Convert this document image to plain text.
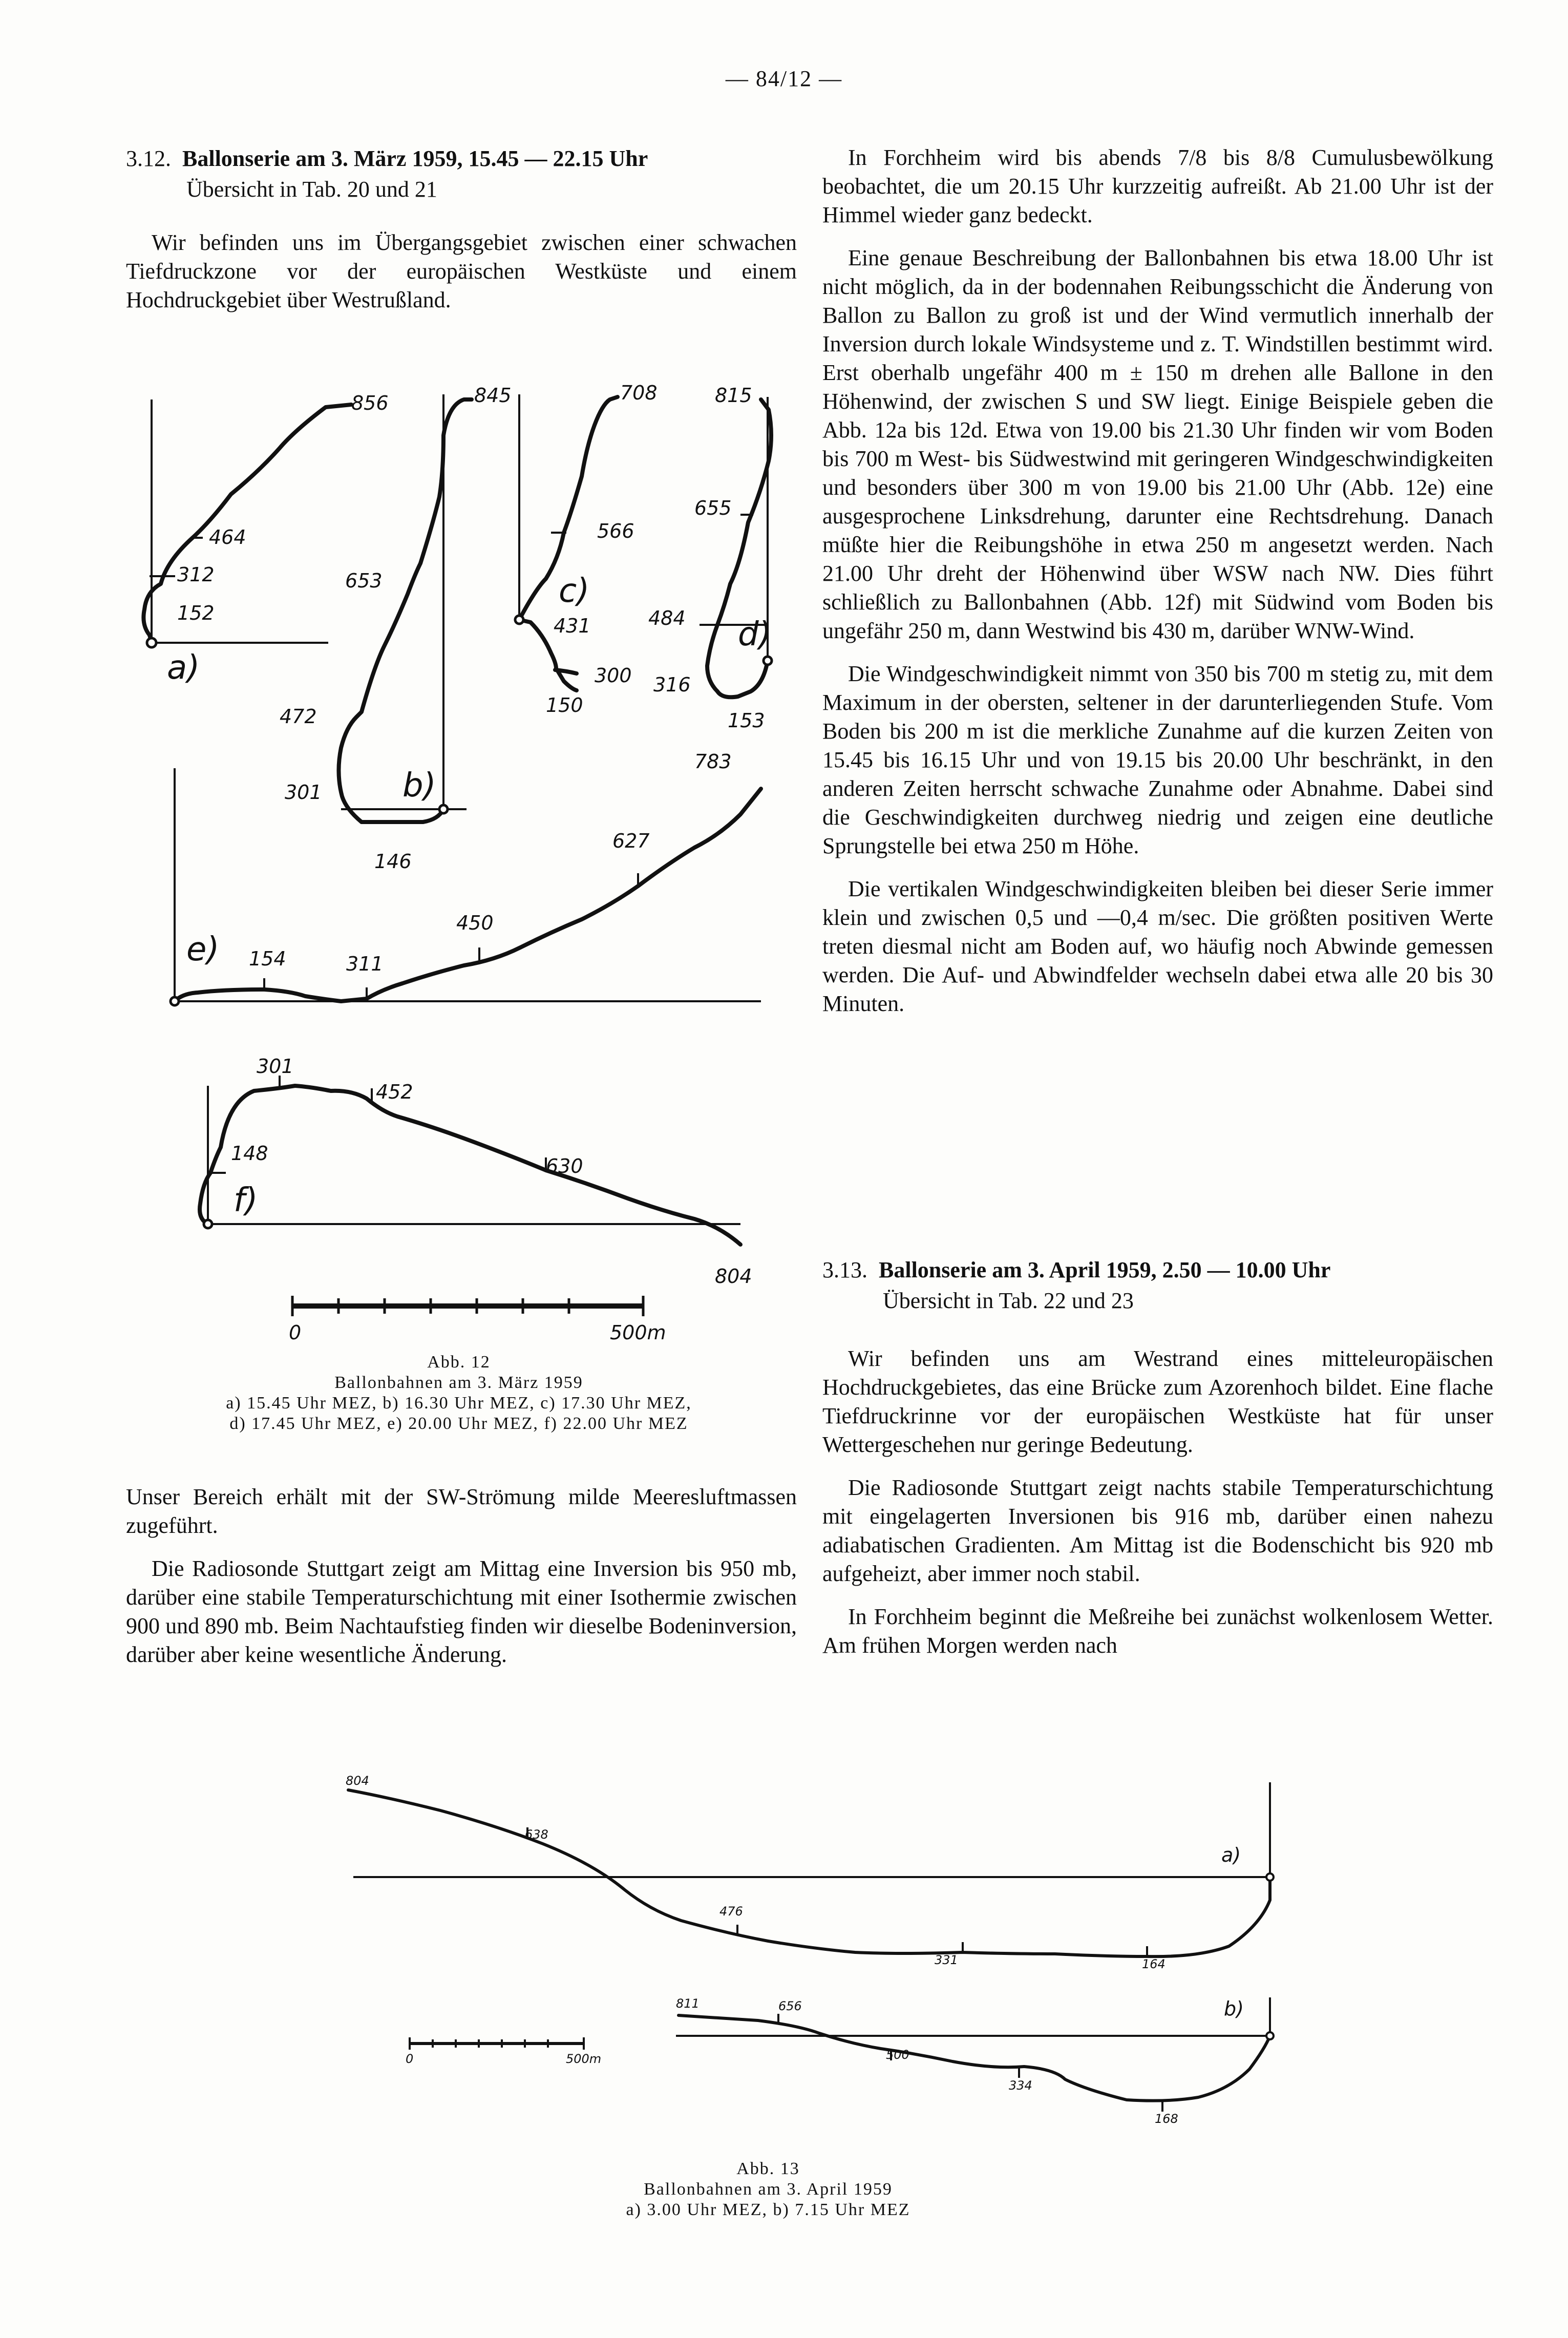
— 84/12 —
3.12. Ballonserie am 3. März 1959, 15.45 — 22.15 Uhr
Übersicht in Tab. 20 und 21

Wir befinden uns im Übergangsgebiet zwischen einer schwachen Tiefdruckzone vor der europäischen Westküste und einem Hochdruckgebiet über Westrußland.

856
464
312
152
a)
845
653
472
301
146
b)
708
566
431
300
150
c)
815
655
484
316
153
d)
783
627
450
311
154
e)
301
452
148
630
804
f)
0	500m
Abb. 12
Ballonbahnen am 3. März 1959
a) 15.45 Uhr MEZ, b) 16.30 Uhr MEZ, c) 17.30 Uhr MEZ,
d) 17.45 Uhr MEZ, e) 20.00 Uhr MEZ, f) 22.00 Uhr MEZ

Unser Bereich erhält mit der SW-Strömung milde Meeresluftmassen zugeführt.

Die Radiosonde Stuttgart zeigt am Mittag eine Inversion bis 950 mb, darüber eine stabile Temperaturschichtung mit einer Isothermie zwischen 900 und 890 mb. Beim Nachtaufstieg finden wir dieselbe Bodeninversion, darüber aber keine wesentliche Änderung.

In Forchheim wird bis abends 7/8 bis 8/8 Cumulusbewölkung beobachtet, die um 20.15 Uhr kurzzeitig aufreißt. Ab 21.00 Uhr ist der Himmel wieder ganz bedeckt.

Eine genaue Beschreibung der Ballonbahnen bis etwa 18.00 Uhr ist nicht möglich, da in der bodennahen Reibungsschicht die Änderung von Ballon zu Ballon zu groß ist und der Wind vermutlich innerhalb der Inversion durch lokale Windsysteme und z. T. Windstillen bestimmt wird. Erst oberhalb ungefähr 400 m ± 150 m drehen alle Ballone in den Höhenwind, der zwischen S und SW liegt. Einige Beispiele geben die Abb. 12a bis 12d. Etwa von 19.00 bis 21.30 Uhr finden wir vom Boden bis 700 m West- bis Südwestwind mit geringeren Windgeschwindigkeiten und besonders über 300 m von 19.00 bis 21.00 Uhr (Abb. 12e) eine ausgesprochene Linksdrehung, darunter eine Rechtsdrehung. Danach müßte hier die Reibungshöhe in etwa 250 m angesetzt werden. Nach 21.00 Uhr dreht der Höhenwind über WSW nach NW. Dies führt schließlich zu Ballonbahnen (Abb. 12f) mit Südwind vom Boden bis ungefähr 250 m, dann Westwind bis 430 m, darüber WNW-Wind.

Die Windgeschwindigkeit nimmt von 350 bis 700 m stetig zu, mit dem Maximum in der obersten, seltener in der darunterliegenden Stufe. Vom Boden bis 200 m ist die merkliche Zunahme auf die kurzen Zeiten von 15.45 bis 16.15 Uhr und von 19.15 bis 20.00 Uhr beschränkt, in den anderen Zeiten herrscht schwache Zunahme oder Abnahme. Dabei sind die Geschwindigkeiten durchweg niedrig und zeigen eine deutliche Sprungstelle bei etwa 250 m Höhe.

Die vertikalen Windgeschwindigkeiten bleiben bei dieser Serie immer klein und zwischen 0,5 und —0,4 m/sec. Die größten positiven Werte treten diesmal nicht am Boden auf, wo häufig noch Abwinde gemessen werden. Die Auf- und Abwindfelder wechseln dabei etwa alle 20 bis 30 Minuten.

3.13. Ballonserie am 3. April 1959, 2.50 — 10.00 Uhr
Übersicht in Tab. 22 und 23

Wir befinden uns am Westrand eines mitteleuropäischen Hochdruckgebietes, das eine Brücke zum Azorenhoch bildet. Eine flache Tiefdruckrinne vor der europäischen Westküste hat für unser Wettergeschehen nur geringe Bedeutung.

Die Radiosonde Stuttgart zeigt nachts stabile Temperaturschichtung mit eingelagerten Inversionen bis 916 mb, darüber einen nahezu adiabatischen Gradienten. Am Mittag ist die Bodenschicht bis 920 mb aufgeheizt, aber immer noch stabil.

In Forchheim beginnt die Meßreihe bei zunächst wolkenlosem Wetter. Am frühen Morgen werden nach

804
638
476
331	164
a)
811	656
500
334
168
b)
0	500m
Abb. 13
Ballonbahnen am 3. April 1959
a) 3.00 Uhr MEZ, b) 7.15 Uhr MEZ
